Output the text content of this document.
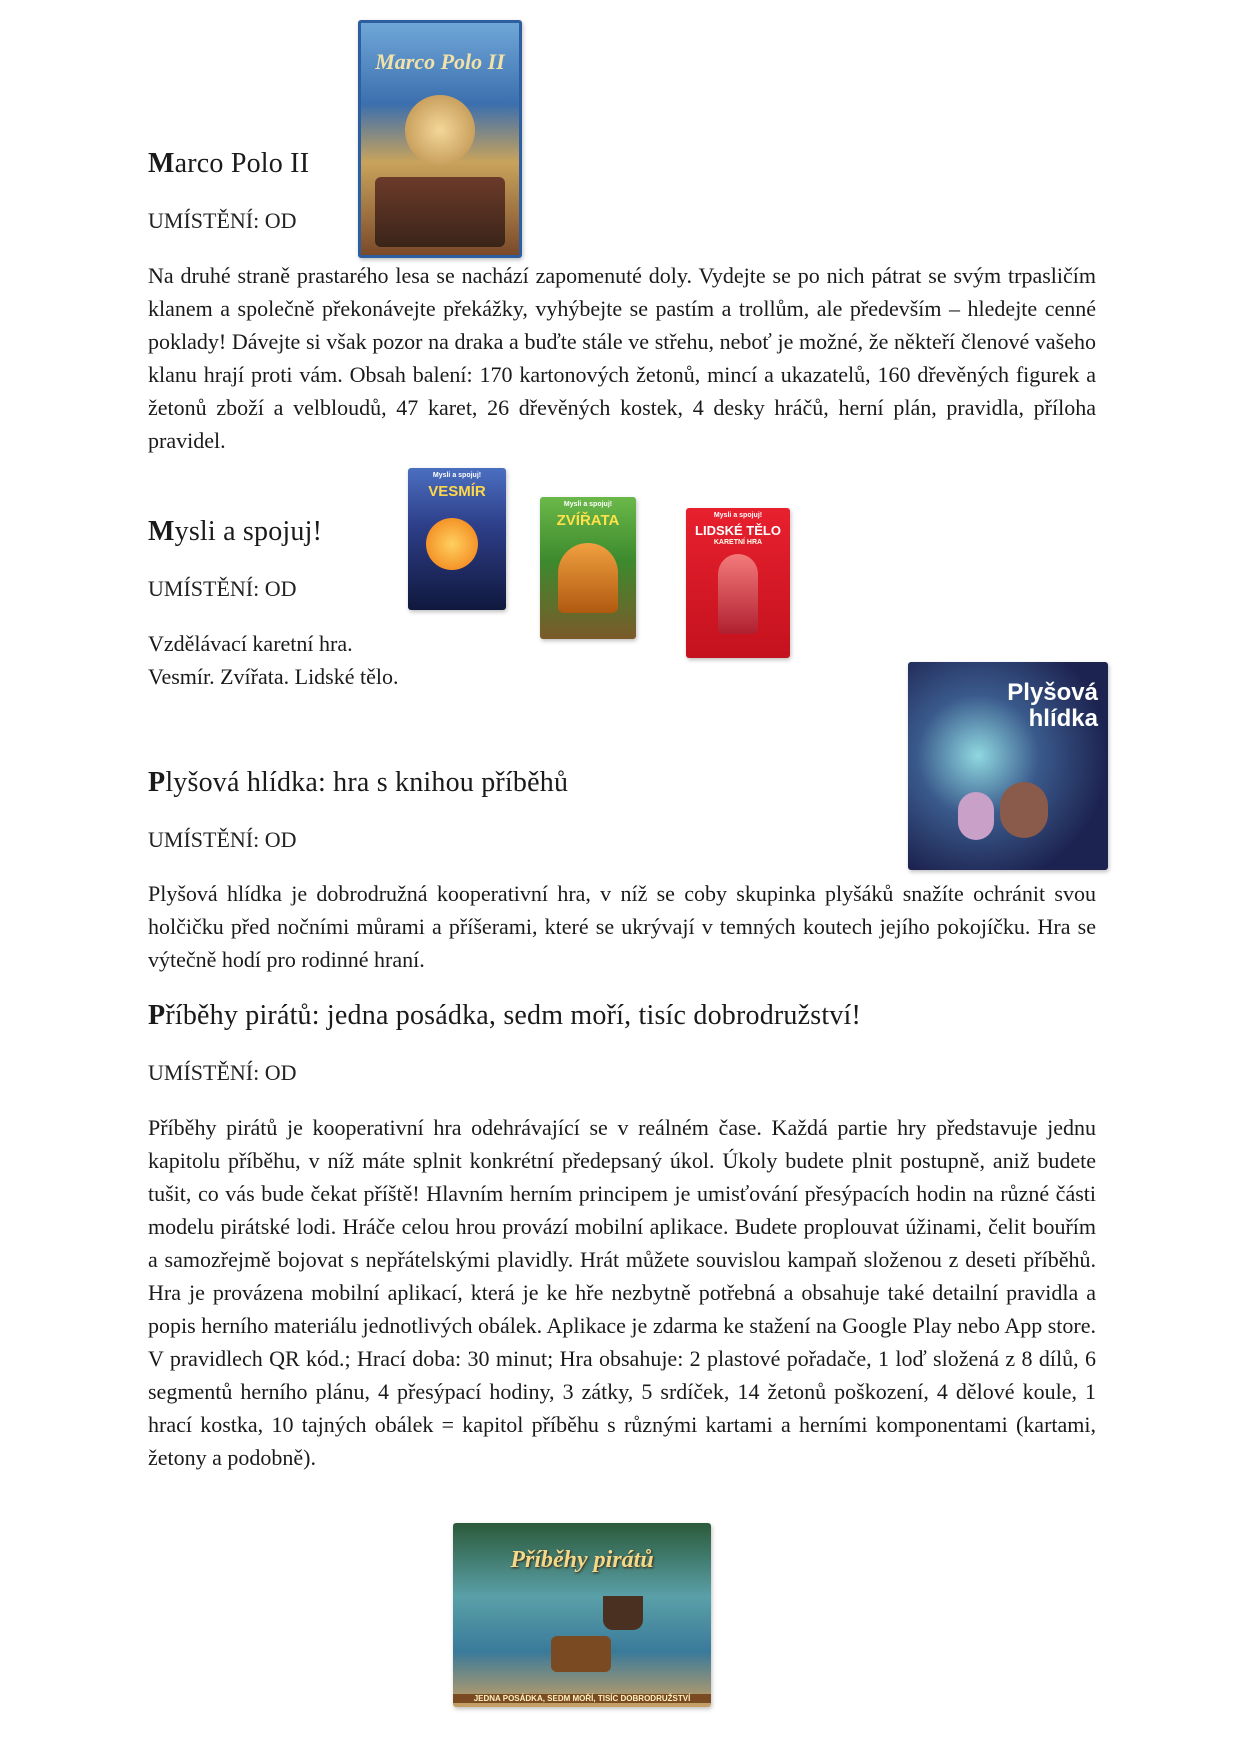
Marco Polo II
Marco Polo II
UMÍSTĚNÍ: OD
Na druhé straně prastarého lesa se nachází zapomenuté doly. Vydejte se po nich pátrat se svým trpasličím klanem a společně překonávejte překážky, vyhýbejte se pastím a trollům, ale především – hledejte cenné poklady! Dávejte si však pozor na draka a buďte stále ve střehu, neboť je možné, že někteří členové vašeho klanu hrají proti vám. Obsah balení: 170 kartonových žetonů, mincí a ukazatelů, 160 dřevěných figurek a žetonů zboží a velbloudů, 47 karet, 26 dřevěných kostek, 4 desky hráčů, herní plán, pravidla, příloha pravidel.
Mysli a spojuj!
UMÍSTĚNÍ: OD
Vzdělávací karetní hra.
Vesmír. Zvířata. Lidské tělo.
Mysli a spojuj!
VESMÍR
Mysli a spojuj!
ZVÍŘATA	Mysli a spojuj!
LIDSKÉ TĚLO
KARETNÍ HRA
Plyšová hlídka
Plyšová hlídka: hra s knihou příběhů
UMÍSTĚNÍ: OD
Plyšová hlídka je dobrodružná kooperativní hra, v níž se coby skupinka plyšáků snažíte ochránit svou holčičku před nočními můrami a příšerami, které se ukrývají v temných koutech jejího pokojíčku. Hra se výtečně hodí pro rodinné hraní.
Příběhy pirátů: jedna posádka, sedm moří, tisíc dobrodružství!
UMÍSTĚNÍ: OD
Příběhy pirátů je kooperativní hra odehrávající se v reálném čase. Každá partie hry představuje jednu kapitolu příběhu, v níž máte splnit konkrétní předepsaný úkol. Úkoly budete plnit postupně, aniž budete tušit, co vás bude čekat příště! Hlavním herním principem je umisťování přesýpacích hodin na různé části modelu pirátské lodi. Hráče celou hrou provází mobilní aplikace. Budete proplouvat úžinami, čelit bouřím a samozřejmě bojovat s nepřátelskými plavidly. Hrát můžete souvislou kampaň složenou z deseti příběhů. Hra je provázena mobilní aplikací, která je ke hře nezbytně potřebná a obsahuje také detailní pravidla a popis herního materiálu jednotlivých obálek. Aplikace je zdarma ke stažení na Google Play nebo App store. V pravidlech QR kód.; Hrací doba: 30 minut; Hra obsahuje: 2 plastové pořadače, 1 loď složená z 8 dílů, 6 segmentů herního plánu, 4 přesýpací hodiny, 3 zátky, 5 srdíček, 14 žetonů poškození, 4 dělové koule, 1 hrací kostka, 10 tajných obálek = kapitol příběhu s různými kartami a herními komponentami (kartami, žetony a podobně).
Příběhy pirátů
JEDNA POSÁDKA, SEDM MOŘÍ, TISÍC DOBRODRUŽSTVÍ
